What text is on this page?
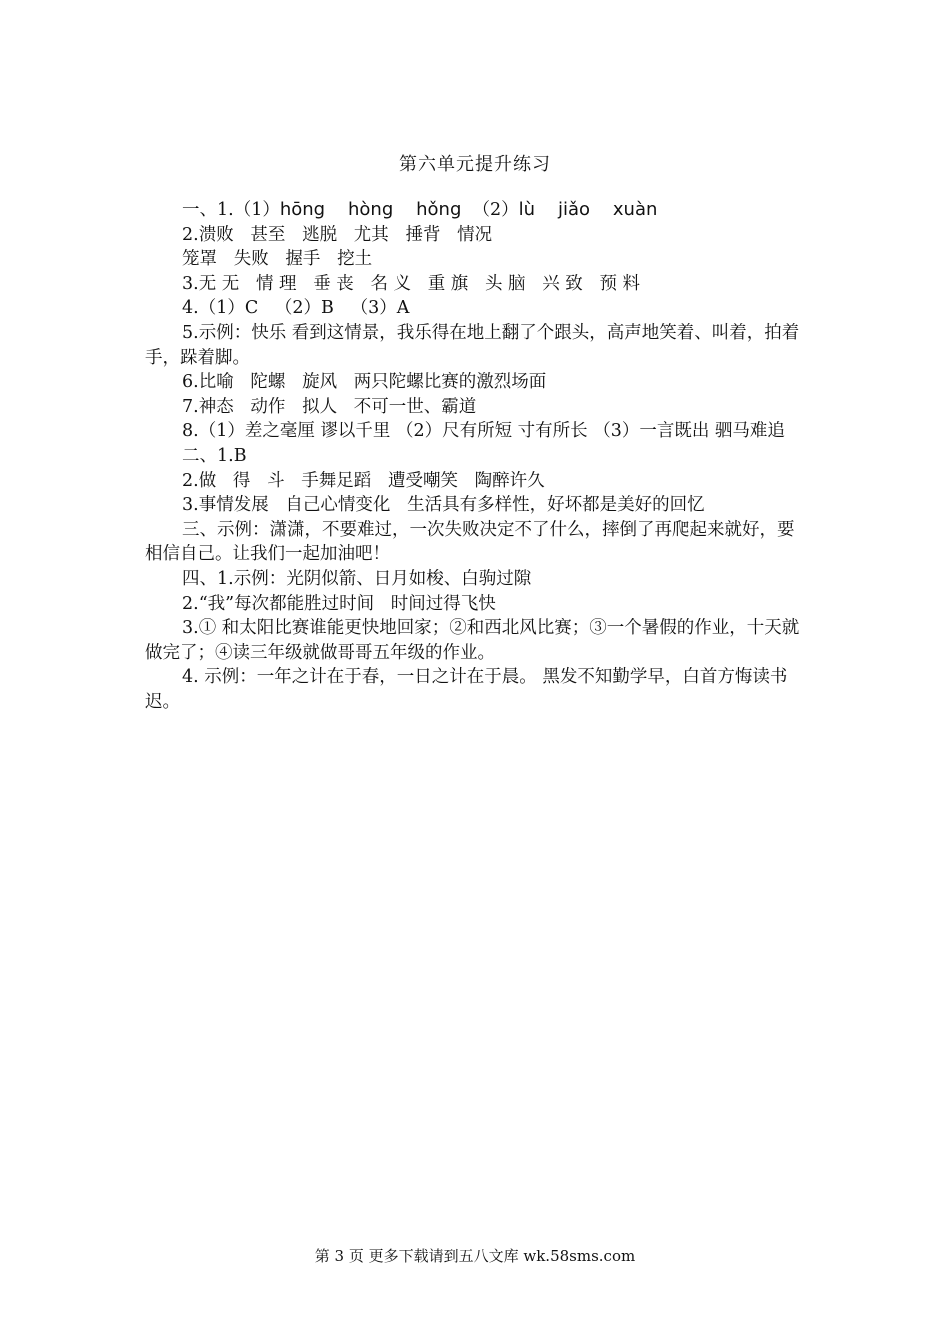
第六单元提升练习
一、1.（1）hōng    hòng    hǒng  （2）lù    jiǎo    xuàn
2.溃败   甚至   逃脱   尤其   捶背   情况
笼罩   失败   握手   挖土
3.无 无   情 理   垂 丧   名 义   重 旗   头 脑   兴 致   预 料
4.（1）C   （2）B   （3）A
5.示例：快乐 看到这情景，我乐得在地上翻了个跟头，高声地笑着、叫着，拍着手，跺着脚。
6.比喻   陀螺   旋风   两只陀螺比赛的激烈场面
7.神态   动作   拟人   不可一世、霸道
8.（1）差之毫厘 谬以千里 （2）尺有所短 寸有所长 （3）一言既出 驷马难追
二、1.B
2.做   得   斗   手舞足蹈   遭受嘲笑   陶醉许久
3.事情发展   自己心情变化   生活具有多样性，好坏都是美好的回忆
三、示例：潇潇，不要难过，一次失败决定不了什么，摔倒了再爬起来就好，要相信自己。让我们一起加油吧！
四、1.示例：光阴似箭、日月如梭、白驹过隙
2.“我”每次都能胜过时间   时间过得飞快
3.① 和太阳比赛谁能更快地回家；②和西北风比赛；③一个暑假的作业，十天就做完了；④读三年级就做哥哥五年级的作业。
4. 示例：一年之计在于春，一日之计在于晨。 黑发不知勤学早，白首方悔读书迟。
第 3 页 更多下载请到五八文库 wk.58sms.com
